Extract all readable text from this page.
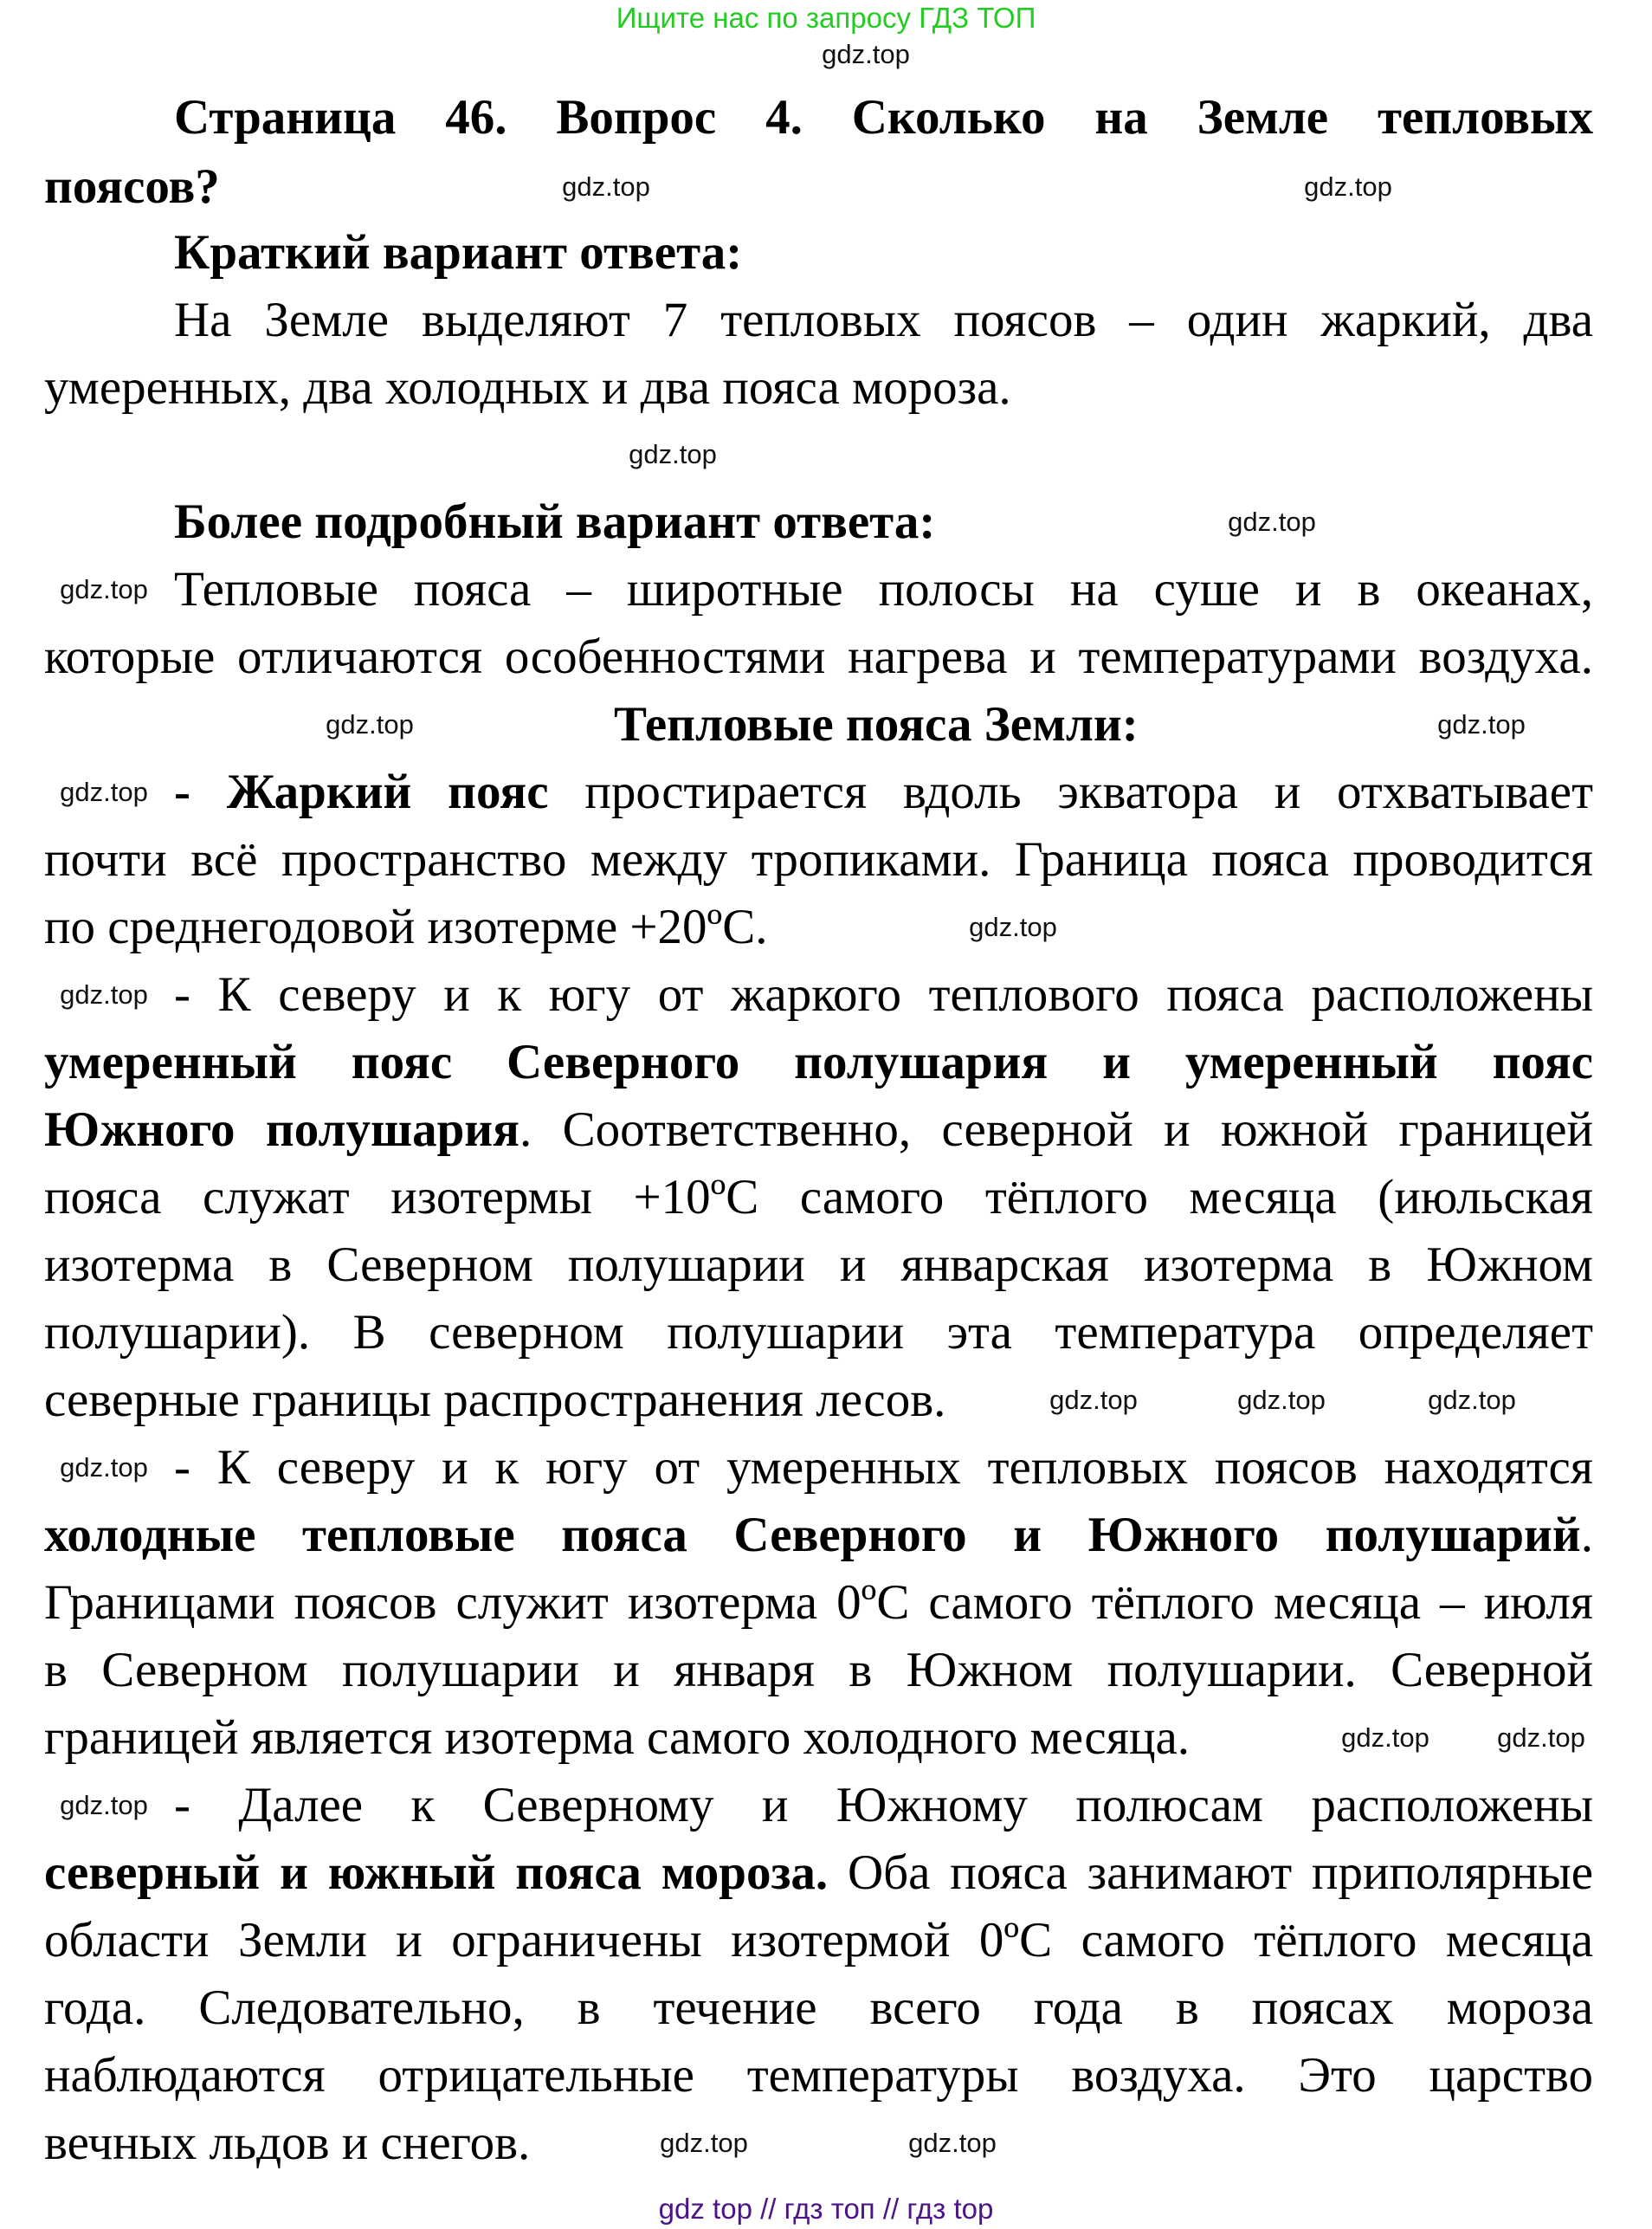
Ищите нас по запросу ГДЗ ТОП
Страница 46. Вопрос 4. Сколько на Земле тепловых
поясов?
Краткий вариант ответа:
На Земле выделяют 7 тепловых поясов – один жаркий, два
умеренных, два холодных и два пояса мороза.
Более подробный вариант ответа:
Тепловые пояса – широтные полосы на суше и в океанах,
которые отличаются особенностями нагрева и температурами воздуха.
Тепловые пояса Земли:
- Жаркий пояс простирается вдоль экватора и отхватывает
почти всё пространство между тропиками. Граница пояса проводится
по среднегодовой изотерме +20ºС.
- К северу и к югу от жаркого теплового пояса расположены
умеренный пояс Северного полушария и умеренный пояс
Южного полушария. Соответственно, северной и южной границей
пояса служат изотермы +10ºС самого тёплого месяца (июльская
изотерма в Северном полушарии и январская изотерма в Южном
полушарии). В северном полушарии эта температура определяет
северные границы распространения лесов.
- К северу и к югу от умеренных тепловых поясов находятся
холодные тепловые пояса Северного и Южного полушарий.
Границами поясов служит изотерма 0ºС самого тёплого месяца – июля
в Северном полушарии и января в Южном полушарии. Северной
границей является изотерма самого холодного месяца.
- Далее к Северному и Южному полюсам расположены
северный и южный пояса мороза. Оба пояса занимают приполярные
области Земли и ограничены изотермой 0ºС самого тёплого месяца
года. Следовательно, в течение всего года в поясах мороза
наблюдаются отрицательные температуры воздуха. Это царство
вечных льдов и снегов.
gdz.top
gdz.top	gdz.top
gdz.top
gdz.top
gdz.top
gdz.top	gdz.top
gdz.top
gdz.top
gdz.top
gdz.top
gdz.top
gdz.top
gdz.top
gdz.top
gdz.top
gdz.top
gdz.top	gdz.top
gdz top // гдз топ // гдз top
